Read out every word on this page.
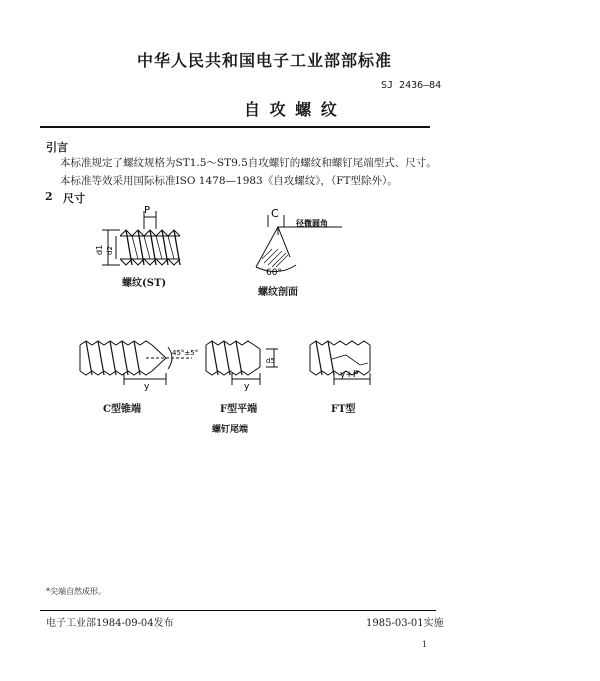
中华人民共和国电子工业部部标准
SJ 2436—84
自 攻 螺 纹
引言
本标准规定了螺纹规格为ST1.5～ST9.5自攻螺钉的螺纹和螺钉尾端型式、尺寸。
本标准等效采用国际标准ISO 1478—1983《自攻螺纹》，（FT型除外）。
2 尺寸
P
d1 d2
螺纹(ST)
C
径微圆角
60°
螺纹剖面
y
45°±5°
C型锥端
y
d5
F型平端
y+P
FT型
螺钉尾端
*尖端自然成形。
电子工业部1984-09-04发布	1985-03-01实施
1
